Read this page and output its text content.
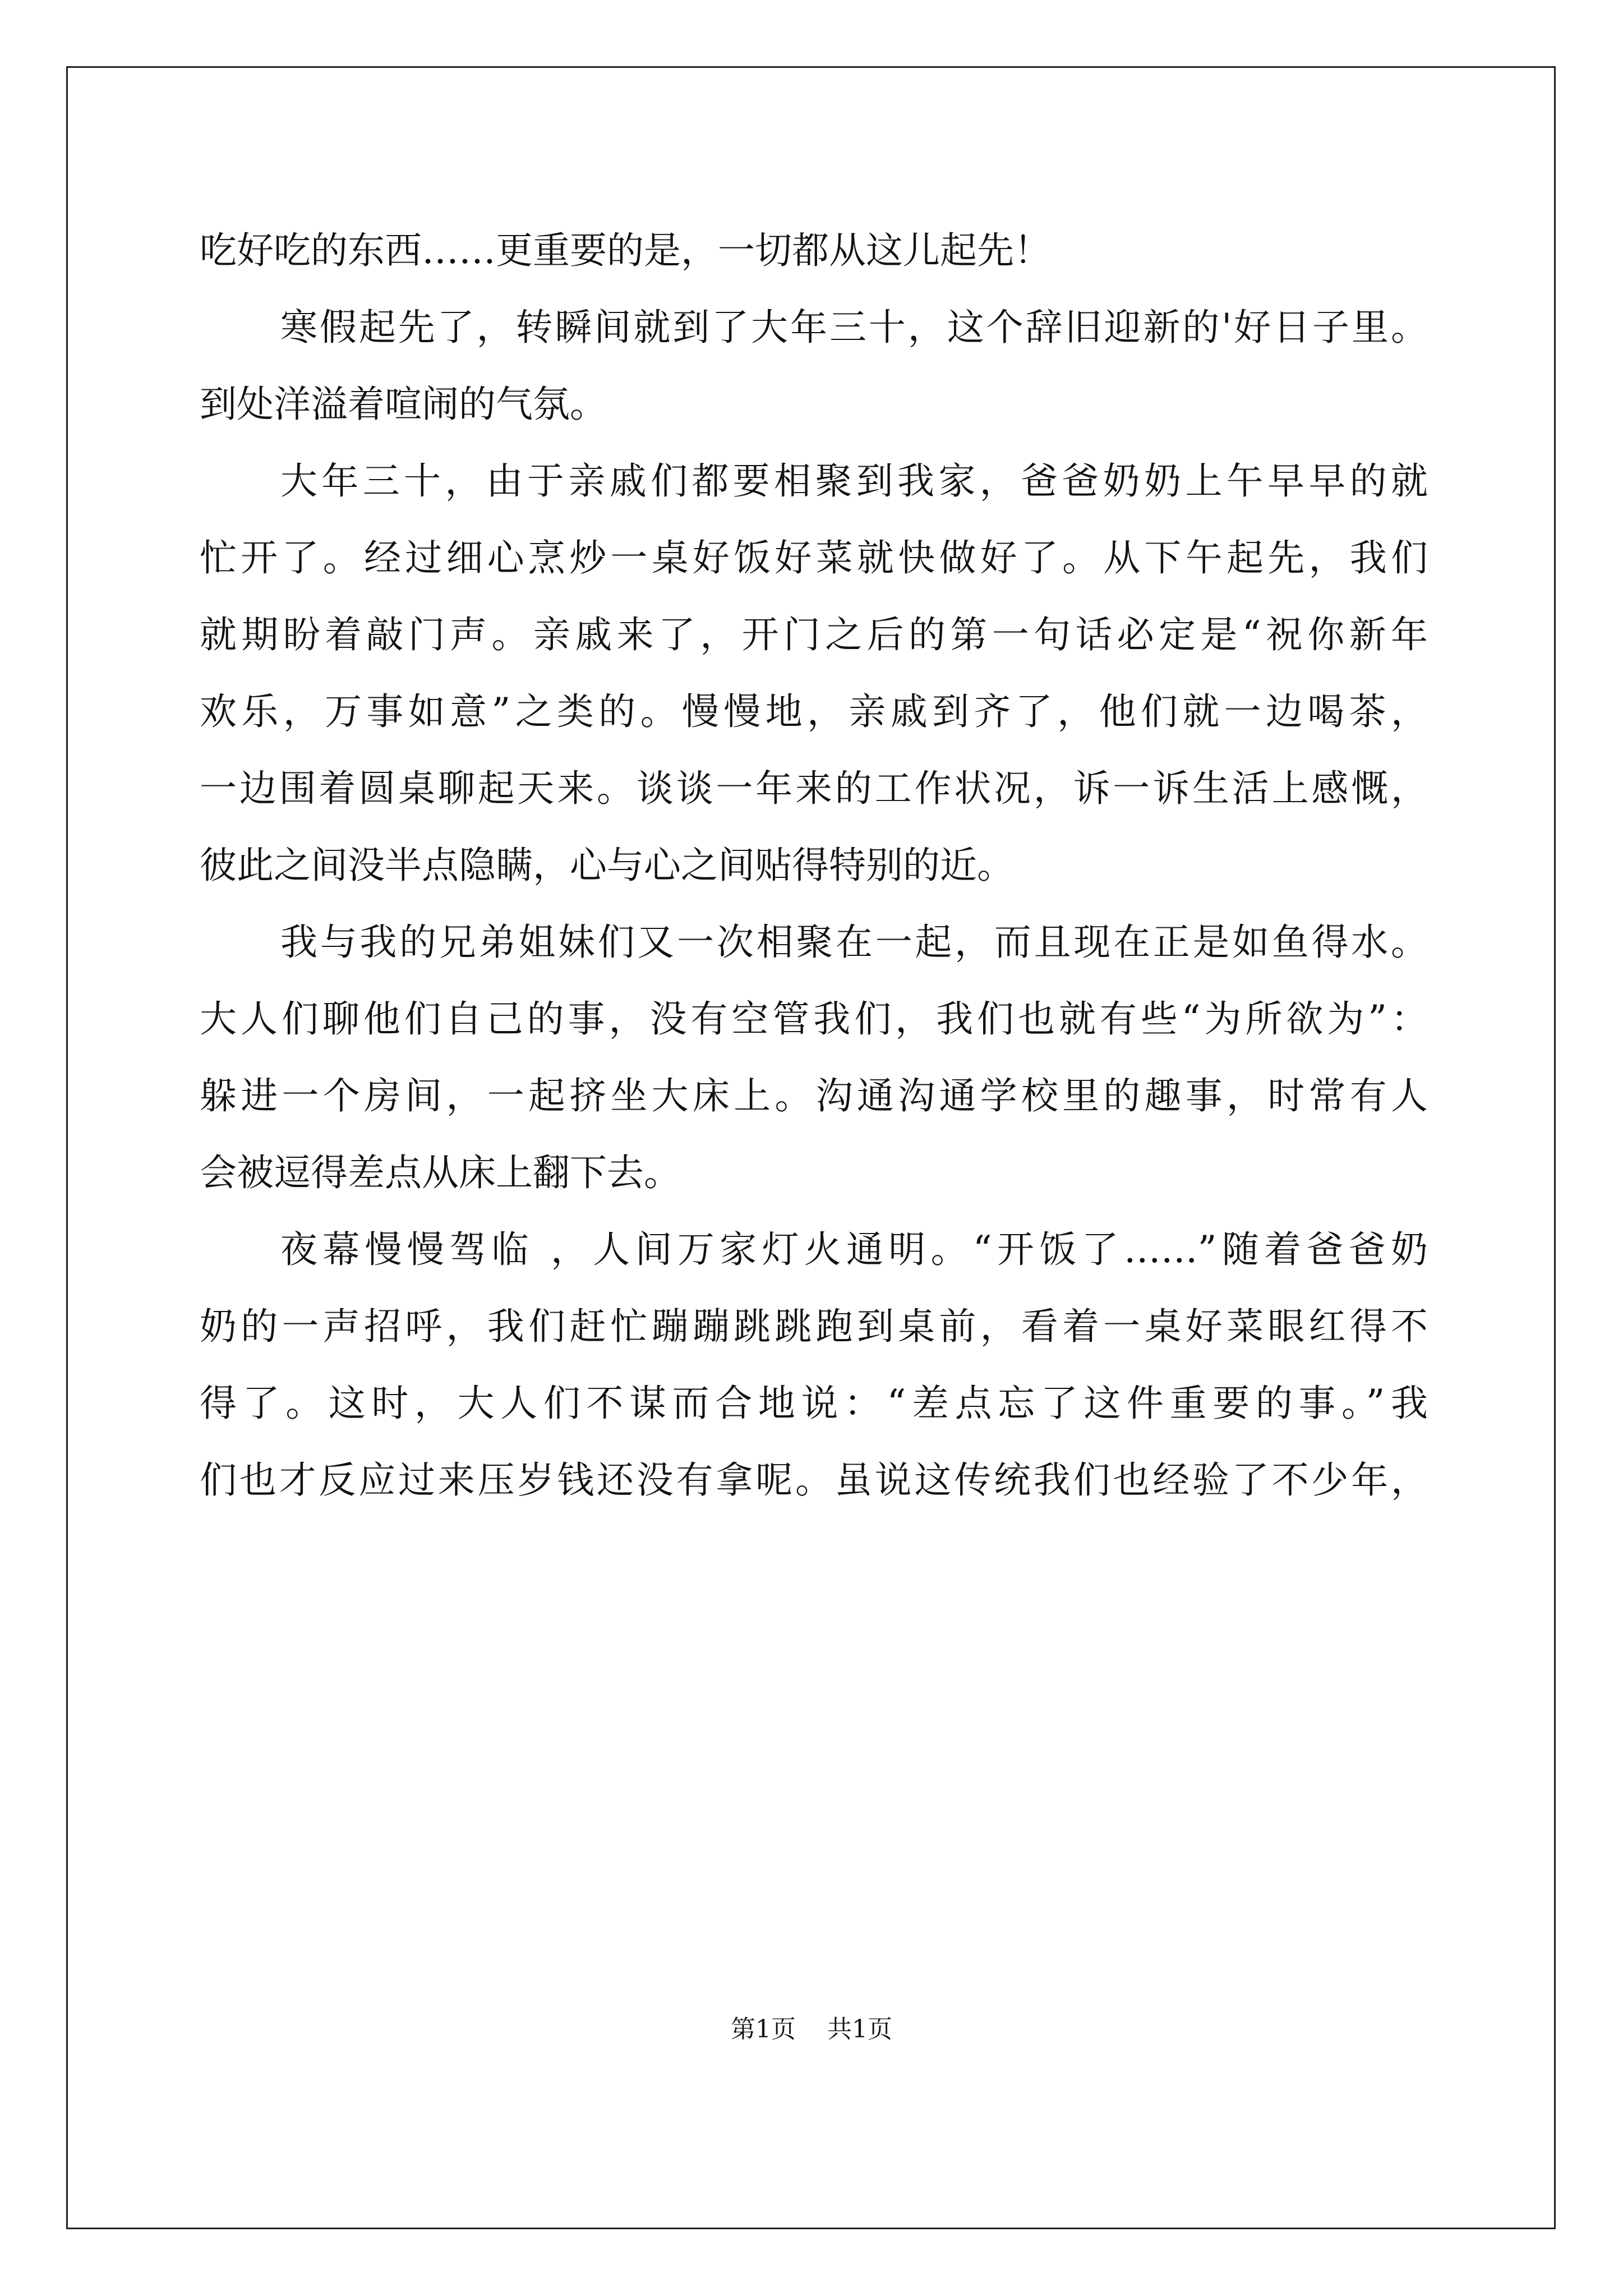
吃好吃的东西……更重要的是，一切都从这儿起先！
寒假起先了，转瞬间就到了大年三十，这个辞旧迎新的'好日子里。
到处洋溢着喧闹的气氛。
大年三十，由于亲戚们都要相聚到我家，爸爸奶奶上午早早的就
忙开了。经过细心烹炒一桌好饭好菜就快做好了。从下午起先，我们
就期盼着敲门声。亲戚来了，开门之后的第一句话必定是“祝你新年
欢乐，万事如意”之类的。慢慢地，亲戚到齐了，他们就一边喝茶，
一边围着圆桌聊起天来。谈谈一年来的工作状况，诉一诉生活上感慨，
彼此之间没半点隐瞒，心与心之间贴得特别的近。
我与我的兄弟姐妹们又一次相聚在一起，而且现在正是如鱼得水。
大人们聊他们自己的事，没有空管我们，我们也就有些“为所欲为”：
躲进一个房间，一起挤坐大床上。沟通沟通学校里的趣事，时常有人
会被逗得差点从床上翻下去。
夜幕慢慢驾临 ，人间万家灯火通明。“开饭了……”随着爸爸奶
奶的一声招呼，我们赶忙蹦蹦跳跳跑到桌前，看着一桌好菜眼红得不
得了。这时，大人们不谋而合地说：“差点忘了这件重要的事。”我
们也才反应过来压岁钱还没有拿呢。虽说这传统我们也经验了不少年，
第1页    共1页
